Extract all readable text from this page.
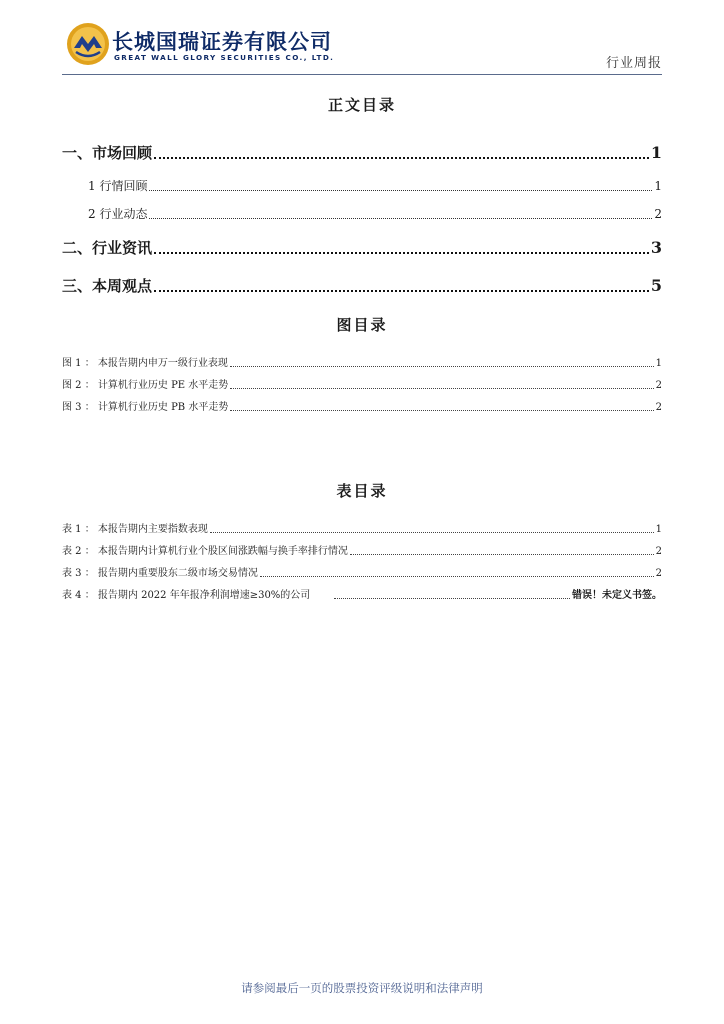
长城国瑞证券有限公司
GREAT WALL GLORY SECURITIES CO., LTD.	行业周报
正文目录
一、市场回顾	1
1 行情回顾	1
2 行业动态	2
二、行业资讯	3
三、本周观点	5
图目录
图 1 ： 本报告期内申万一级行业表现	1
图 2 ： 计算机行业历史 PE 水平走势	2
图 3 ： 计算机行业历史 PB 水平走势	2
表目录
表 1 ： 本报告期内主要指数表现	1
表 2 ： 本报告期内计算机行业个股区间涨跌幅与换手率排行情况	2
表 3 ： 报告期内重要股东二级市场交易情况	2
表 4 ： 报告期内 2022 年年报净利润增速≥30%的公司	错误！未定义书签。
请参阅最后一页的股票投资评级说明和法律声明
